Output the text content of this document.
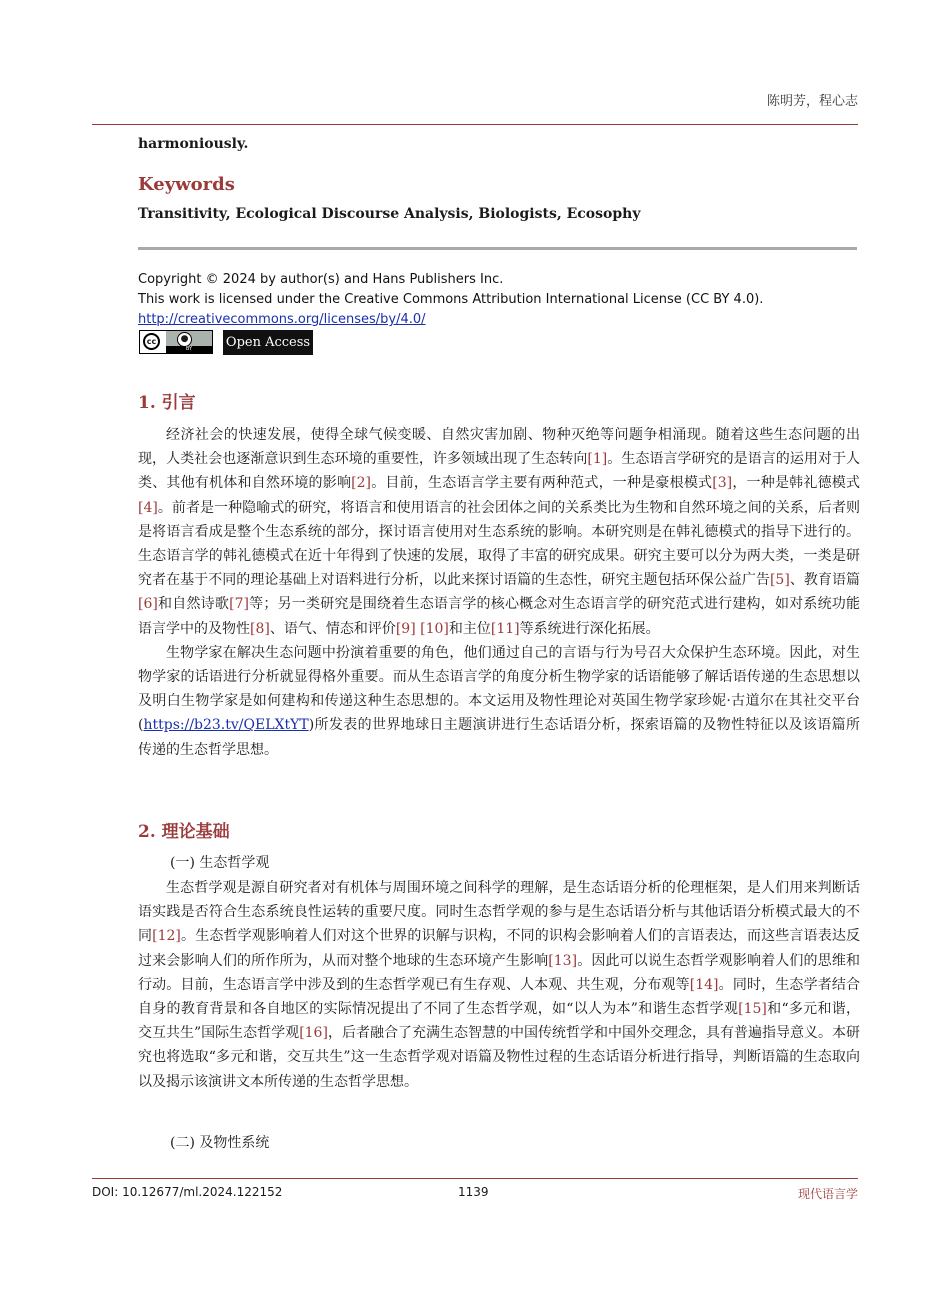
陈明芳，程心志
harmoniously.
Keywords
Transitivity, Ecological Discourse Analysis, Biologists, Ecosophy
Copyright © 2024 by author(s) and Hans Publishers Inc.
This work is licensed under the Creative Commons Attribution International License (CC BY 4.0).
http://creativecommons.org/licenses/by/4.0/
cc	●
BY	Open Access
1. 引言

经济社会的快速发展，使得全球气候变暖、自然灾害加剧、物种灭绝等问题争相涌现。随着这些生态问题的出现，人类社会也逐渐意识到生态环境的重要性，许多领域出现了生态转向[1]。生态语言学研究的是语言的运用对于人类、其他有机体和自然环境的影响[2]。目前，生态语言学主要有两种范式，一种是豪根模式[3]，一种是韩礼德模式[4]。前者是一种隐喻式的研究，将语言和使用语言的社会团体之间的关系类比为生物和自然环境之间的关系，后者则是将语言看成是整个生态系统的部分，探讨语言使用对生态系统的影响。本研究则是在韩礼德模式的指导下进行的。生态语言学的韩礼德模式在近十年得到了快速的发展，取得了丰富的研究成果。研究主要可以分为两大类，一类是研究者在基于不同的理论基础上对语料进行分析，以此来探讨语篇的生态性，研究主题包括环保公益广告[5]、教育语篇[6]和自然诗歌[7]等；另一类研究是围绕着生态语言学的核心概念对生态语言学的研究范式进行建构，如对系统功能语言学中的及物性[8]、语气、情态和评价[9] [10]和主位[11]等系统进行深化拓展。

生物学家在解决生态问题中扮演着重要的角色，他们通过自己的言语与行为号召大众保护生态环境。因此，对生物学家的话语进行分析就显得格外重要。而从生态语言学的角度分析生物学家的话语能够了解话语传递的生态思想以及明白生物学家是如何建构和传递这种生态思想的。本文运用及物性理论对英国生物学家珍妮·古道尔在其社交平台(https://b23.tv/QELXtYT)所发表的世界地球日主题演讲进行生态话语分析，探索语篇的及物性特征以及该语篇所传递的生态哲学思想。

2. 理论基础
(一) 生态哲学观

生态哲学观是源自研究者对有机体与周围环境之间科学的理解，是生态话语分析的伦理框架，是人们用来判断话语实践是否符合生态系统良性运转的重要尺度。同时生态哲学观的参与是生态话语分析与其他话语分析模式最大的不同[12]。生态哲学观影响着人们对这个世界的识解与识构，不同的识构会影响着人们的言语表达，而这些言语表达反过来会影响人们的所作所为，从而对整个地球的生态环境产生影响[13]。因此可以说生态哲学观影响着人们的思维和行动。目前，生态语言学中涉及到的生态哲学观已有生存观、人本观、共生观，分布观等[14]。同时，生态学者结合自身的教育背景和各自地区的实际情况提出了不同了生态哲学观，如“以人为本”和谐生态哲学观[15]和“多元和谐，交互共生”国际生态哲学观[16]，后者融合了充满生态智慧的中国传统哲学和中国外交理念，具有普遍指导意义。本研究也将选取“多元和谐，交互共生”这一生态哲学观对语篇及物性过程的生态话语分析进行指导，判断语篇的生态取向以及揭示该演讲文本所传递的生态哲学思想。

(二) 及物性系统
DOI: 10.12677/ml.2024.122152	1139	现代语言学
